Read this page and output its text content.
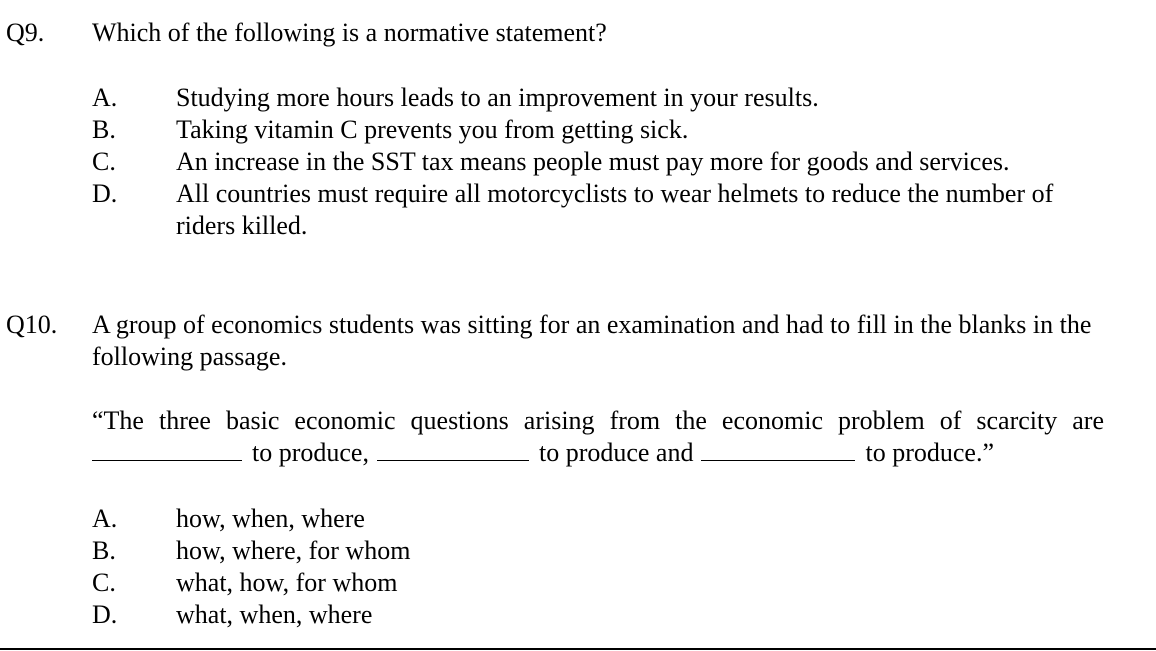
Q9. Which of the following is a normative statement?
A.	Studying more hours leads to an improvement in your results.
B.	Taking vitamin C prevents you from getting sick.
C.	An increase in the SST tax means people must pay more for goods and services.
D.	All countries must require all motorcyclists to wear helmets to reduce the number of riders killed.
Q10. A group of economics students was sitting for an examination and had to fill in the blanks in the following passage.
“The three basic economic questions arising from the economic problem of scarcity are
to produce,	to produce and	to produce.”
A.	how, when, where
B.	how, where, for whom
C.	what, how, for whom
D.	what, when, where
